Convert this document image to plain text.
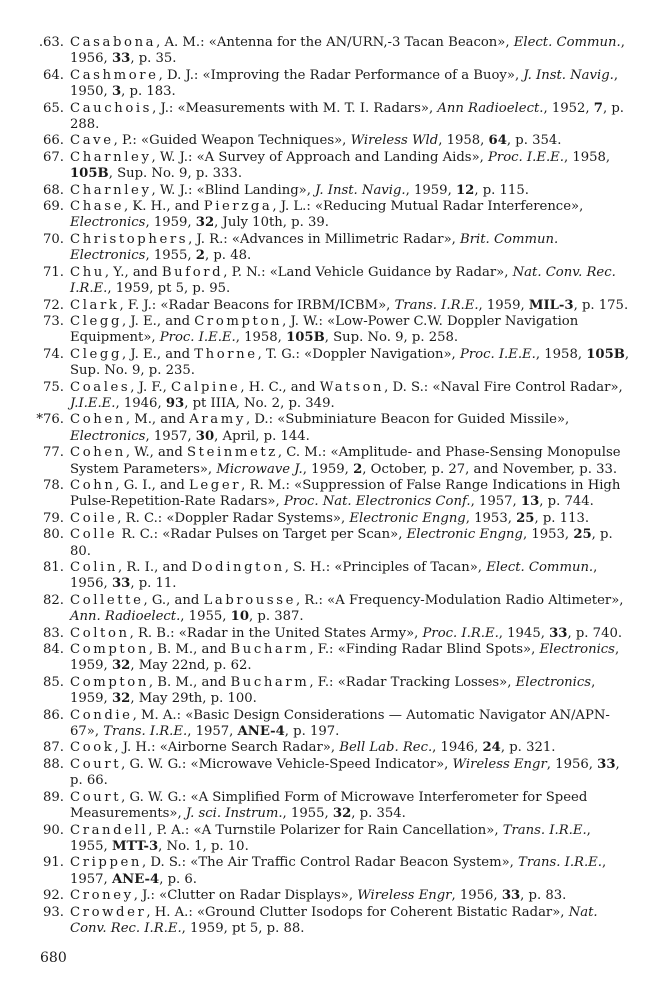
.63. Casabona, A. M.: «Antenna for the AN/URN,-3 Tacan Beacon», Elect. Commun., 1956, 33, p. 35.
64. Cashmore, D. J.: «Improving the Radar Performance of a Buoy», J. Inst. Navig., 1950, 3, p. 183.
65. Cauchois, J.: «Measurements with M. T. I. Radars», Ann Radioelect., 1952, 7, p. 288.
66. Cave, P.: «Guided Weapon Techniques», Wireless Wld, 1958, 64, p. 354.
67. Charnley, W. J.: «A Survey of Approach and Landing Aids», Proc. I.E.E., 1958, 105B, Sup. No. 9, p. 333.
68. Charnley, W. J.: «Blind Landing», J. Inst. Navig., 1959, 12, p. 115.
69. Chase, K. H., and Pierzga, J. L.: «Reducing Mutual Radar Interference», Electronics, 1959, 32, July 10th, p. 39.
70. Christophers, J. R.: «Advances in Millimetric Radar», Brit. Commun. Electronics, 1955, 2, p. 48.
71. Chu, Y., and Buford, P. N.: «Land Vehicle Guidance by Radar», Nat. Conv. Rec. I.R.E., 1959, pt 5, p. 95.
72. Clark, F. J.: «Radar Beacons for IRBM/ICBM», Trans. I.R.E., 1959, MIL-3, p. 175.
73. Clegg, J. E., and Crompton, J. W.: «Low-Power C.W. Doppler Navigation Equipment», Proc. I.E.E., 1958, 105B, Sup. No. 9, p. 258.
74. Clegg, J. E., and Thorne, T. G.: «Doppler Navigation», Proc. I.E.E., 1958, 105B, Sup. No. 9, p. 235.
75. Coales, J. F., Calpine, H. C., and Watson, D. S.: «Naval Fire Control Radar», J.I.E.E., 1946, 93, pt IIIA, No. 2, p. 349.
*76. Cohen, M., and Aramy, D.: «Subminiature Beacon for Guided Missile», Electronics, 1957, 30, April, p. 144.
77. Cohen, W., and Steinmetz, C. M.: «Amplitude- and Phase-Sensing Monopulse System Parameters», Microwave J., 1959, 2, October, p. 27, and November, p. 33.
78. Cohn, G. I., and Leger, R. M.: «Suppression of False Range Indications in High Pulse-Repetition-Rate Radars», Proc. Nat. Electronics Conf., 1957, 13, p. 744.
79. Coile, R. C.: «Doppler Radar Systems», Electronic Engng, 1953, 25, p. 113.
80. Colle R. C.: «Radar Pulses on Target per Scan», Electronic Engng, 1953, 25, p. 80.
81. Colin, R. I., and Dodington, S. H.: «Principles of Tacan», Elect. Commun., 1956, 33, p. 11.
82. Collette, G., and Labrousse, R.: «A Frequency-Modulation Radio Altimeter», Ann. Radioelect., 1955, 10, p. 387.
83. Colton, R. B.: «Radar in the United States Army», Proc. I.R.E., 1945, 33, p. 740.
84. Compton, B. M., and Bucharm, F.: «Finding Radar Blind Spots», Electronics, 1959, 32, May 22nd, p. 62.
85. Compton, B. M., and Bucharm, F.: «Radar Tracking Losses», Electronics, 1959, 32, May 29th, p. 100.
86. Condie, M. A.: «Basic Design Considerations — Automatic Navigator AN/APN-67», Trans. I.R.E., 1957, ANE-4, p. 197.
87. Cook, J. H.: «Airborne Search Radar», Bell Lab. Rec., 1946, 24, p. 321.
88. Court, G. W. G.: «Microwave Vehicle-Speed Indicator», Wireless Engr, 1956, 33, p. 66.
89. Court, G. W. G.: «A Simplified Form of Microwave Interferometer for Speed Measurements», J. sci. Instrum., 1955, 32, p. 354.
90. Crandell, P. A.: «A Turnstile Polarizer for Rain Cancellation», Trans. I.R.E., 1955, MTT-3, No. 1, p. 10.
91. Crippen, D. S.: «The Air Traffic Control Radar Beacon System», Trans. I.R.E., 1957, ANE-4, p. 6.
92. Croney, J.: «Clutter on Radar Displays», Wireless Engr, 1956, 33, p. 83.
93. Crowder, H. A.: «Ground Clutter Isodops for Coherent Bistatic Radar», Nat. Conv. Rec. I.R.E., 1959, pt 5, p. 88.
680
